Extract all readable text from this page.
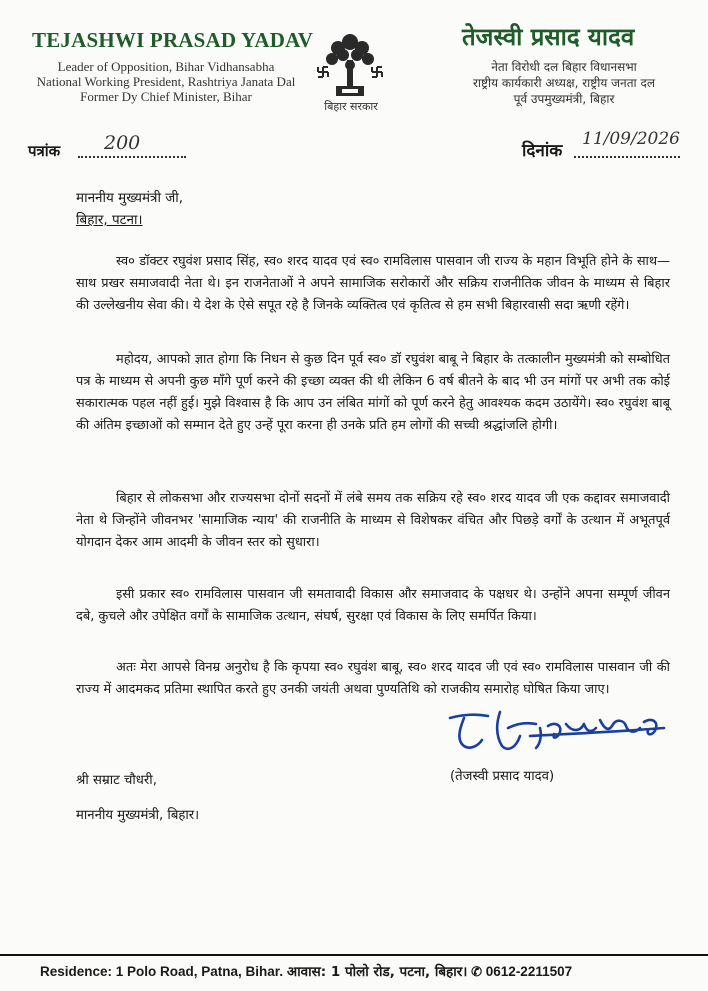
TEJASHWI PRASAD YADAV
Leader of Opposition, Bihar Vidhansabha
National Working President, Rashtriya Janata Dal
Former Dy Chief Minister, Bihar
बिहार सरकार
तेजस्वी प्रसाद यादव
नेता विरोधी दल बिहार विधानसभा
राष्ट्रीय कार्यकारी अध्यक्ष, राष्ट्रीय जनता दल
पूर्व उपमुख्यमंत्री, बिहार
पत्रांक 200	दिनांक
11/09/2026
माननीय मुख्यमंत्री जी,
बिहार, पटना।

स्व० डॉक्टर रघुवंश प्रसाद सिंह, स्व० शरद यादव एवं स्व० रामविलास पासवान जी राज्य के महान विभूति होने के साथ—साथ प्रखर समाजवादी नेता थे। इन राजनेताओं ने अपने सामाजिक सरोकारों और सक्रिय राजनीतिक जीवन के माध्यम से बिहार की उल्लेखनीय सेवा की। ये देश के ऐसे सपूत रहे है जिनके व्यक्तित्व एवं कृतित्व से हम सभी बिहारवासी सदा ऋणी रहेंगे।

महोदय, आपको ज्ञात होगा कि निधन से कुछ दिन पूर्व स्व० डॉ रघुवंश बाबू ने बिहार के तत्कालीन मुख्यमंत्री को सम्बोधित पत्र के माध्यम से अपनी कुछ माँगे पूर्ण करने की इच्छा व्यक्त की थी लेकिन 6 वर्ष बीतने के बाद भी उन मांगों पर अभी तक कोई सकारात्मक पहल नहीं हुई। मुझे विश्वास है कि आप उन लंबित मांगों को पूर्ण करने हेतु आवश्यक कदम उठायेंगे। स्व० रघुवंश बाबू की अंतिम इच्छाओं को सम्मान देते हुए उन्हें पूरा करना ही उनके प्रति हम लोगों की सच्ची श्रद्धांजलि होगी।

बिहार से लोकसभा और राज्यसभा दोनों सदनों में लंबे समय तक सक्रिय रहे स्व० शरद यादव जी एक कद्दावर समाजवादी नेता थे जिन्होंने जीवनभर 'सामाजिक न्याय' की राजनीति के माध्यम से विशेषकर वंचित और पिछड़े वर्गों के उत्थान में अभूतपूर्व योगदान देकर आम आदमी के जीवन स्तर को सुधारा।

इसी प्रकार स्व० रामविलास पासवान जी समतावादी विकास और समाजवाद के पक्षधर थे। उन्होंने अपना सम्पूर्ण जीवन दबे, कुचले और उपेक्षित वर्गों के सामाजिक उत्थान, संघर्ष, सुरक्षा एवं विकास के लिए समर्पित किया।

अतः मेरा आपसे विनम्र अनुरोध है कि कृपया स्व० रघुवंश बाबू, स्व० शरद यादव जी एवं स्व० रामविलास पासवान जी की राज्य में आदमकद प्रतिमा स्थापित करते हुए उनकी जयंती अथवा पुण्यतिथि को राजकीय समारोह घोषित किया जाए।

श्री सम्राट चौधरी,	(तेजस्वी प्रसाद यादव)
माननीय मुख्यमंत्री, बिहार।
Residence: 1 Polo Road, Patna, Bihar. आवास: 1 पोलो रोड, पटना, बिहार। ✆ 0612-2211507
